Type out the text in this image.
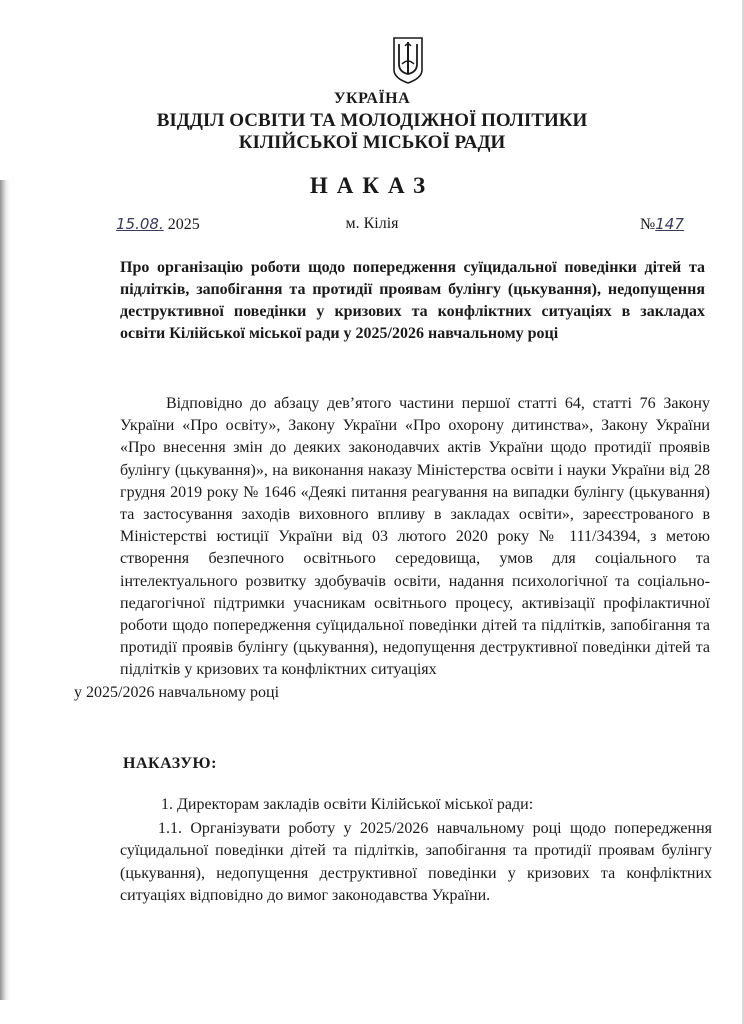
УКРАЇНА

ВІДДІЛ ОСВІТИ ТА МОЛОДІЖНОЇ ПОЛІТИКИ

КІЛІЙСЬКОЇ МІСЬКОЇ РАДИ

НАКАЗ

15.08. 2025	м. Кілія	№147

Про організацію роботи щодо попередження суїцидальної поведінки дітей та підлітків, запобігання та протидії проявам булінгу (цькування), недопущення деструктивної поведінки у кризових та конфліктних ситуаціях в закладах освіти Кілійської міської ради у 2025/2026 навчальному році

Відповідно до абзацу дев’ятого частини першої статті 64, статті 76 Закону України «Про освіту», Закону України «Про охорону дитинства», Закону України «Про внесення змін до деяких законодавчих актів України щодо протидії проявів булінгу (цькування)», на виконання наказу Міністерства освіти і науки України від 28 грудня 2019 року № 1646 «Деякі питання реагування на випадки булінгу (цькування) та застосування заходів виховного впливу в закладах освіти», зареєстрованого в Міністерстві юстиції України від 03 лютого 2020 року № 111/34394, з метою створення безпечного освітнього середовища, умов для соціального та інтелектуального розвитку здобувачів освіти, надання психологічної та соціально-педагогічної підтримки учасникам освітнього процесу, активізації профілактичної роботи щодо попередження суїцидальної поведінки дітей та підлітків, запобігання та протидії проявів булінгу (цькування), недопущення деструктивної поведінки дітей та підлітків у кризових та конфліктних ситуаціях
у 2025/2026 навчальному році

НАКАЗУЮ:

1. Директорам закладів освіти Кілійської міської ради:

1.1. Організувати роботу у 2025/2026 навчальному році щодо попередження суїцидальної поведінки дітей та підлітків, запобігання та протидії проявам булінгу (цькування), недопущення деструктивної поведінки у кризових та конфліктних ситуаціях відповідно до вимог законодавства України.
